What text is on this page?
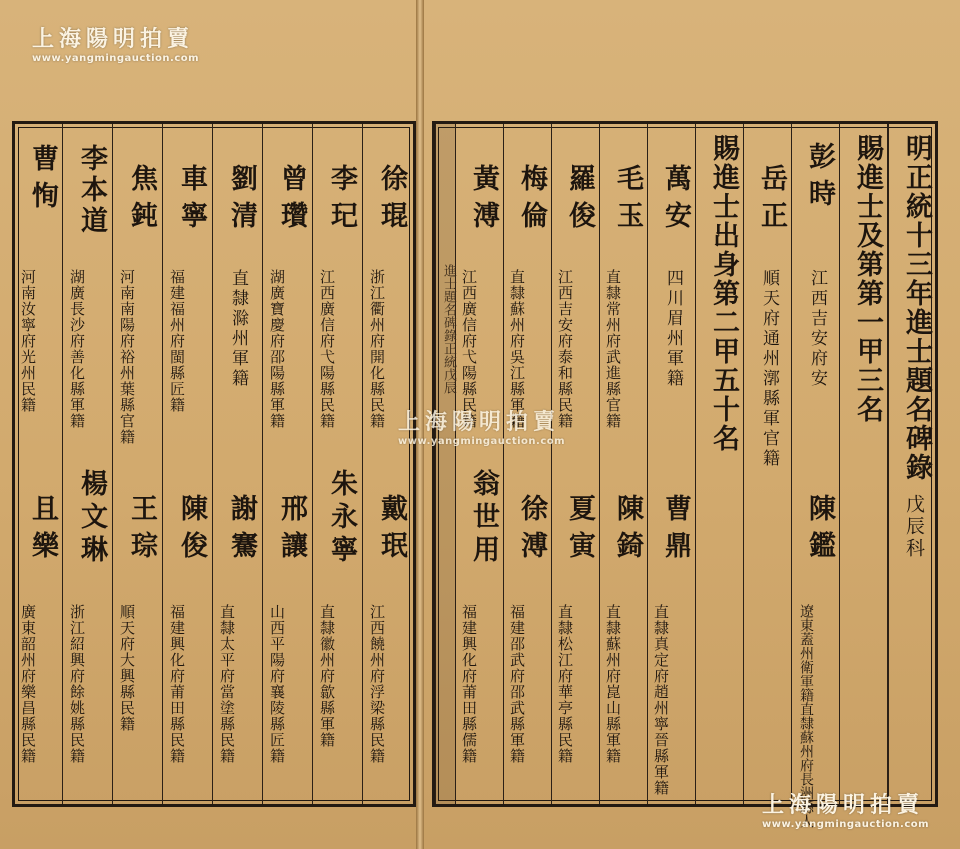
明正統十三年進士題名碑錄
戊辰科
賜進士及第第一甲三名
彭時
江西吉安府安
陳鑑
遼東蓋州衛軍籍直隸蘇州府長洲縣人
岳正
順天府通州漷縣軍官籍
賜進士出身第二甲五十名
萬安
四川眉州軍籍
曹鼎
直隸真定府趙州寧晉縣軍籍
毛玉
直隸常州府武進縣官籍
陳錡
直隸蘇州府崑山縣軍籍
羅俊
江西吉安府泰和縣民籍
夏寅
直隸松江府華亭縣民籍
梅倫
直隸蘇州府吳江縣軍籍
徐溥
福建邵武府邵武縣軍籍
黃溥
江西廣信府弋陽縣民籍
翁世用
福建興化府莆田縣儒籍
進士題名碑錄正統戊辰
徐琨
浙江衢州府開化縣民籍
戴珉
江西饒州府浮梁縣民籍
李玘
江西廣信府弋陽縣民籍
朱永寧
直隸徽州府歙縣軍籍
曾瓚
湖廣寶慶府邵陽縣軍籍
邢讓
山西平陽府襄陵縣匠籍
劉清
直隸滁州軍籍
謝騫
直隸太平府當塗縣民籍
車寧
福建福州府閩縣匠籍
陳俊
福建興化府莆田縣民籍
焦鈍
河南南陽府裕州葉縣官籍
王琮
順天府大興縣民籍
李本道
湖廣長沙府善化縣軍籍
楊文琳
浙江紹興府餘姚縣民籍
曹恂
河南汝寧府光州民籍
且樂
廣東韶州府樂昌縣民籍
上海陽明拍賣
www.yangmingauction.com
上海陽明拍賣
www.yangmingauction.com
上海陽明拍賣
www.yangmingauction.com
